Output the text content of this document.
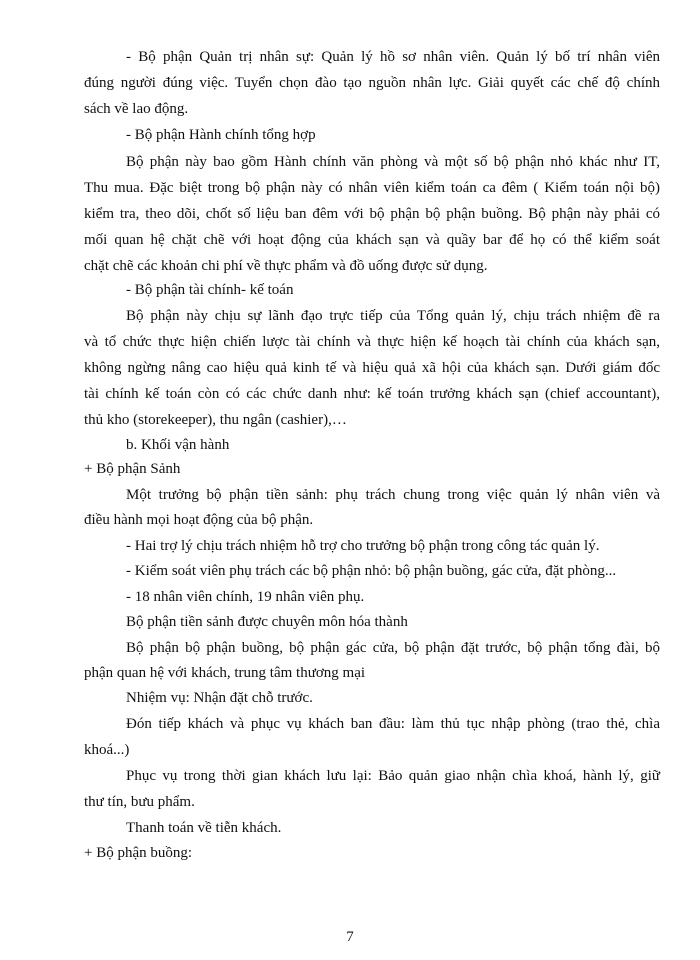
- Bộ phận Quản trị nhân sự: Quản lý hồ sơ nhân viên. Quản lý bố trí nhân viên
đúng người đúng việc. Tuyển chọn đào tạo nguồn nhân lực. Giải quyết các chế độ chính
sách về lao động.
- Bộ phận Hành chính tổng hợp
Bộ phận này bao gồm Hành chính văn phòng và một số bộ phận nhỏ khác như IT,
Thu mua. Đặc biệt trong bộ phận này có nhân viên kiểm toán ca đêm ( Kiểm toán nội bộ)
kiểm tra, theo dõi, chốt số liệu ban đêm với bộ phận bộ phận buồng. Bộ phận này phải có
mối quan hệ chặt chẽ với hoạt động của khách sạn và quầy bar để họ có thể kiểm soát
chặt chẽ các khoản chi phí về thực phẩm và đồ uống được sử dụng.
- Bộ phận tài chính- kế toán
Bộ phận này chịu sự lãnh đạo trực tiếp của Tổng quản lý, chịu trách nhiệm đề ra
và tổ chức thực hiện chiến lược tài chính và thực hiện kế hoạch tài chính của khách sạn,
không ngừng nâng cao hiệu quả kinh tế và hiệu quả xã hội của khách sạn. Dưới giám đốc
tài chính kế toán còn có các chức danh như: kế toán trưởng khách sạn (chief accountant),
thủ kho (storekeeper), thu ngân (cashier),…
b. Khối vận hành
+ Bộ phận Sảnh
Một trưởng bộ phận tiền sảnh: phụ trách chung trong việc quản lý nhân viên và
điều hành mọi hoạt động của bộ phận.
- Hai trợ lý chịu trách nhiệm hỗ trợ cho trưởng bộ phận trong công tác quản lý.
- Kiểm soát viên phụ trách các bộ phận nhỏ: bộ phận buồng, gác cửa, đặt phòng...
- 18 nhân viên chính, 19 nhân viên phụ.
Bộ phận tiền sảnh được chuyên môn hóa thành
Bộ phận bộ phận buồng, bộ phận gác cửa, bộ phận đặt trước, bộ phận tổng đài, bộ
phận quan hệ với khách, trung tâm thương mại
Nhiệm vụ: Nhận đặt chỗ trước.
Đón tiếp khách và phục vụ khách ban đầu: làm thủ tục nhập phòng (trao thẻ, chìa
khoá...)
Phục vụ trong thời gian khách lưu lại: Bảo quản giao nhận chìa khoá, hành lý, giữ
thư tín, bưu phẩm.
Thanh toán về tiễn khách.
+ Bộ phận buồng:
7
